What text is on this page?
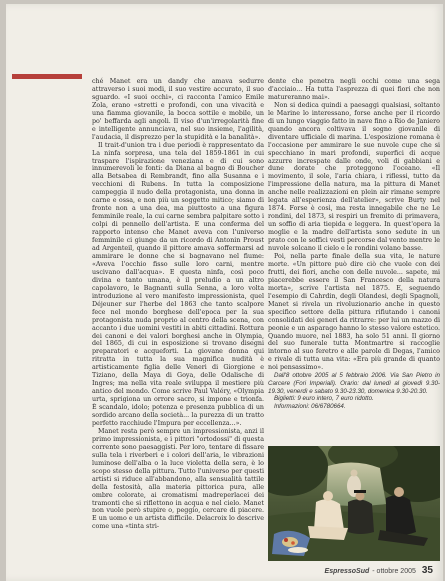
ché Manet era un dandy che amava sedurre attraverso i suoi modi, il suo vestire accurato, il suo sguardo. «I suoi occhi», ci racconta l'amico Emile Zola, erano «stretti e profondi, con una vivacità e una fiamma giovanile, la bocca sottile e mobile, un po' beffarda agli angoli. Il viso d'un'irregolarità fine e intelligente annunciava, nel suo insieme, l'agilità, l'audacia, il disprezzo per la stupidità e la banalità».

Il trait-d'union tra i due periodi è rappresentato da La ninfa sorpresa, una tela del 1859-1861 in cui traspare l'ispirazione veneziana e di cui sono innumerevoli le fonti: da Diana al bagno di Boucher alla Betsabea di Rembrandt, fino alla Susanna e i vecchioni di Rubens. In tutta la composizione campeggia il nudo della protagonista, una donna in carne e ossa, e non più un soggetto mitico; siamo di fronte non a una dea, ma piuttosto a una figura femminile reale, la cui carne sembra palpitare sotto i colpi di pennello dell'artista. E una conferma del rapporto intenso che Manet aveva con l'universo femminile ci giunge da un ricordo di Antonin Proust ad Argenteil, quando il pittore amava soffermarsi ad ammirare le donne che si bagnavano nel fiume: «Aveva l'occhio fisso sulle loro carni, mentre uscivano dall'acqua». E questa ninfa, così poco divina e tanto umana, è il preludio a un altro capolavoro, le Bagnanti sulla Senna, a loro volta introduzione al vero manifesto impressionista, quel Déjeuner sur l'herbe del 1863 che tanto scalpore fece nel mondo borghese dell'epoca per la sua protagonista nuda proprio al centro della scena, con accanto i due uomini vestiti in abiti cittadini. Rottura dei canoni e dei valori borghesi anche in Olympia, del 1865, di cui in esposizione si trovano disegni preparatori e acqueforti. La giovane donna qui ritratta in tutta la sua magnifica nudità è artisticamente figlia delle Veneri di Giorgione e Tiziano, della Maya di Goya, delle Odalische di Ingres; ma nella vita reale sviluppa il mestiere più antico del mondo. Come scrive Paul Valéry, «Olympia urta, sprigiona un orrore sacro, si impone e trionfa. È scandalo, idolo; potenza e presenza pubblica di un sordido arcano della società... la purezza di un tratto perfetto racchiude l'Impura per eccellenza...».

Manet resta però sempre un impressionista, anzi il primo impressionista, e i pittori "ortodossi" di questa corrente sono paesaggisti. Per loro, tentare di fissare sulla tela i riverberi e i colori dell'aria, le vibrazioni luminose dell'alba o la luce violetta della sera, è lo scopo stesso della pittura. Tutto l'universo per questi artisti si riduce all'abbandono, alla sensualità tattile della festosità, alla materia pittorica pura, alle ombre colorate, ai cromatismi madreperlacei dei tramonti che si riflettono in acqua e nel cielo. Manet non vuole però stupire o, peggio, cercare di piacere. E un uomo e un artista difficile. Delacroix lo descrive come una «tinta stri-

dente che penetra negli occhi come una sega d'acciaio... Ha tutta l'asprezza di quei fiori che non matureranno mai».

Non si dedica quindi a paesaggi qualsiasi, soltanto le Marine lo interessano, forse anche per il ricordo di un lungo viaggio fatto in nave fino a Rio de Janiero quando ancora coltivava il sogno giovanile di diventare ufficiale di marina. L'esposizione romana è l'occasione per ammirare le sue nuvole cupe che si specchiano in mari profondi, superfici di acque azzurre increspate dalle onde, voli di gabbiani e dune dorate che proteggono l'oceano. «Il movimento, il sole, l'aria chiara, i riflessi, tutto da l'impressione della natura, ma la pittura di Manet anche nelle realizzazioni en plein air rimane sempre legata all'esperienza dell'atelier», scrive Burty nel 1874. Forse è così, ma resta innegabile che ne Le rondini, del 1873, si respiri un fremito di primavera, un soffio di aria tiepida e leggera. In quest'opera la moglie e la madre dell'artista sono sedute in un prato con le soffici vesti percorse dal vento mentre le nuvole solcano il cielo e le rondini volano basse.

Poi, nella parte finale della sua vita, le nature morte. «Un pittore può dire ciò che vuole con dei frutti, dei fiori, anche con delle nuvole... sapete, mi piacerebbe essere il San Francesco della natura morta», scrive l'artista nel 1875. E, seguendo l'esempio di Cahrdin, degli Olandesi, degli Spagnoli, Manet si rivela un rivoluzionario anche in questo specifico settore della pittura rifiutando i canoni consolidati dei generi da ritrarre: per lui un mazzo di peonie e un asparago hanno lo stesso valore estetico. Quando muore, nel 1883, ha solo 51 anni. Il giorno del suo funerale tutta Montmartre si raccoglie intorno al suo feretro e alle parole di Degas, l'amico e rivale di tutta una vita: «Era più grande di quanto noi pensassimo».

Dall'8 ottobre 2005 al 5 febbraio 2006. Via San Pietro in Carcere (Fori Imperiali). Orario: dal lunedì al giovedì 9.30-19.30, venerdì e sabato 9.30-23.30, domenica 9.30-20.30.

Biglietti: 9 euro intero, 7 euro ridotto.

Informazioni: 06/6780664.

EspressoSud - ottobre 2005 35
